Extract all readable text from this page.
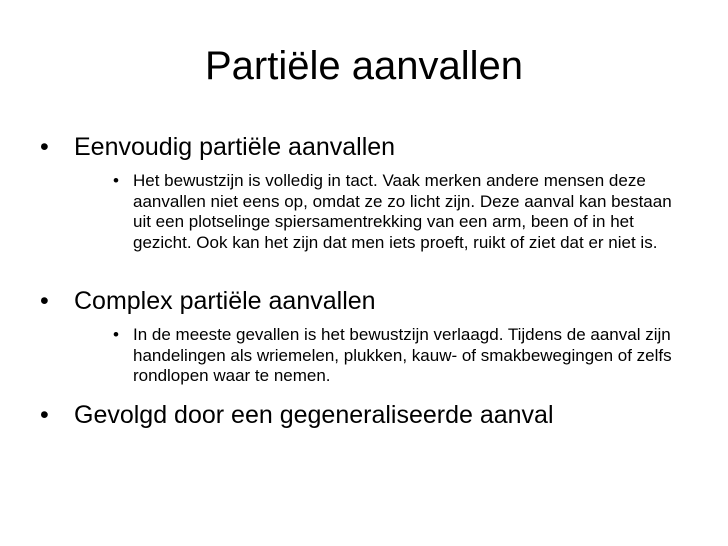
Partiële aanvallen
•	Eenvoudig partiële aanvallen
• Het bewustzijn is volledig in tact. Vaak merken andere mensen deze aanvallen niet eens op, omdat ze zo licht zijn. Deze aanval kan bestaan uit een plotselinge spiersamentrekking van een arm, been of in het gezicht. Ook kan het zijn dat men iets proeft, ruikt of ziet dat er niet is.
•	Complex partiële aanvallen
• In de meeste gevallen is het bewustzijn verlaagd. Tijdens de aanval zijn handelingen als wriemelen, plukken, kauw- of smakbewegingen of zelfs rondlopen waar te nemen.
•	Gevolgd door een gegeneraliseerde aanval
